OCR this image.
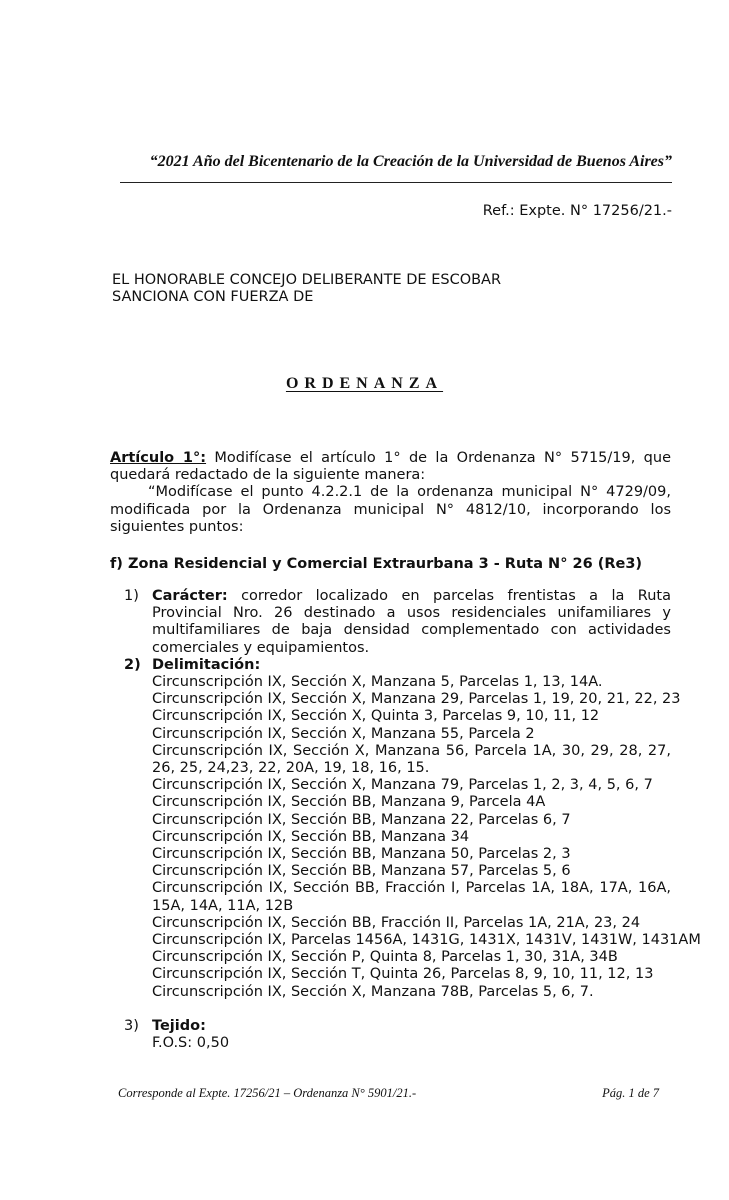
“2021 Año del Bicentenario de la Creación de la Universidad de Buenos Aires”
Ref.: Expte. N° 17256/21.-
EL HONORABLE CONCEJO DELIBERANTE DE ESCOBAR
SANCIONA CON FUERZA DE
ORDENANZA
Artículo 1°: Modifícase el artículo 1° de la Ordenanza N° 5715/19, que quedará redactado de la siguiente manera:
“Modifícase el punto 4.2.2.1 de la ordenanza municipal N° 4729/09, modificada por la Ordenanza municipal N° 4812/10, incorporando los siguientes puntos:
f) Zona Residencial y Comercial Extraurbana 3 - Ruta N° 26 (Re3)
1) Carácter: corredor localizado en parcelas frentistas a la Ruta Provincial Nro. 26 destinado a usos residenciales unifamiliares y multifamiliares de baja densidad complementado con actividades comerciales y equipamientos.
2) Delimitación:
Circunscripción IX, Sección X, Manzana 5, Parcelas 1, 13, 14A.
Circunscripción IX, Sección X, Manzana 29, Parcelas 1, 19, 20, 21, 22, 23
Circunscripción IX, Sección X, Quinta 3, Parcelas 9, 10, 11, 12
Circunscripción IX, Sección X, Manzana 55, Parcela 2
Circunscripción IX, Sección X, Manzana 56, Parcela 1A, 30, 29, 28, 27, 26, 25, 24,23, 22, 20A, 19, 18, 16, 15.
Circunscripción IX, Sección X, Manzana 79, Parcelas 1, 2, 3, 4, 5, 6, 7
Circunscripción IX, Sección BB, Manzana 9, Parcela 4A
Circunscripción IX, Sección BB, Manzana 22, Parcelas 6, 7
Circunscripción IX, Sección BB, Manzana 34
Circunscripción IX, Sección BB, Manzana 50, Parcelas 2, 3
Circunscripción IX, Sección BB, Manzana 57, Parcelas 5, 6
Circunscripción IX, Sección BB, Fracción I, Parcelas 1A, 18A, 17A, 16A, 15A, 14A, 11A, 12B
Circunscripción IX, Sección BB, Fracción II, Parcelas 1A, 21A, 23, 24
Circunscripción IX, Parcelas 1456A, 1431G, 1431X, 1431V, 1431W, 1431AM
Circunscripción IX, Sección P, Quinta 8, Parcelas 1, 30, 31A, 34B
Circunscripción IX, Sección T, Quinta 26, Parcelas 8, 9, 10, 11, 12, 13
Circunscripción IX, Sección X, Manzana 78B, Parcelas 5, 6, 7.
3) Tejido:
F.O.S: 0,50
Corresponde al Expte. 17256/21 – Ordenanza N° 5901/21.-	Pág. 1 de 7
